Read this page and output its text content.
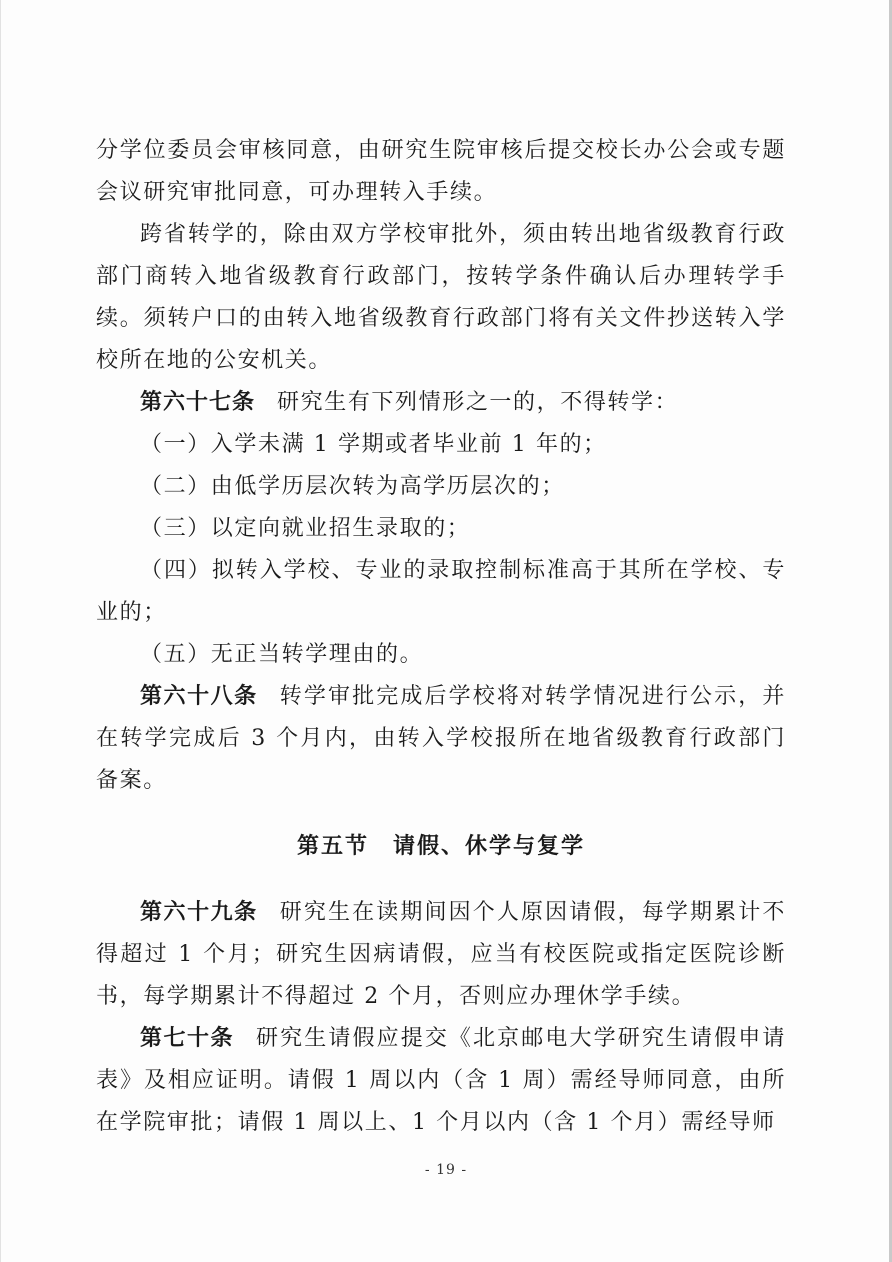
分学位委员会审核同意，由研究生院审核后提交校长办公会或专题会议研究审批同意，可办理转入手续。

跨省转学的，除由双方学校审批外，须由转出地省级教育行政部门商转入地省级教育行政部门，按转学条件确认后办理转学手续。须转户口的由转入地省级教育行政部门将有关文件抄送转入学校所在地的公安机关。

第六十七条 研究生有下列情形之一的，不得转学：

（一）入学未满 1 学期或者毕业前 1 年的；

（二）由低学历层次转为高学历层次的；

（三）以定向就业招生录取的；

（四）拟转入学校、专业的录取控制标准高于其所在学校、专业的；

（五）无正当转学理由的。

第六十八条 转学审批完成后学校将对转学情况进行公示，并在转学完成后 3 个月内，由转入学校报所在地省级教育行政部门备案。

第五节　请假、休学与复学

第六十九条 研究生在读期间因个人原因请假，每学期累计不得超过 1 个月；研究生因病请假，应当有校医院或指定医院诊断书，每学期累计不得超过 2 个月，否则应办理休学手续。

第七十条 研究生请假应提交《北京邮电大学研究生请假申请表》及相应证明。请假 1 周以内（含 1 周）需经导师同意，由所在学院审批；请假 1 周以上、1 个月以内（含 1 个月）需经导师

- 19 -
